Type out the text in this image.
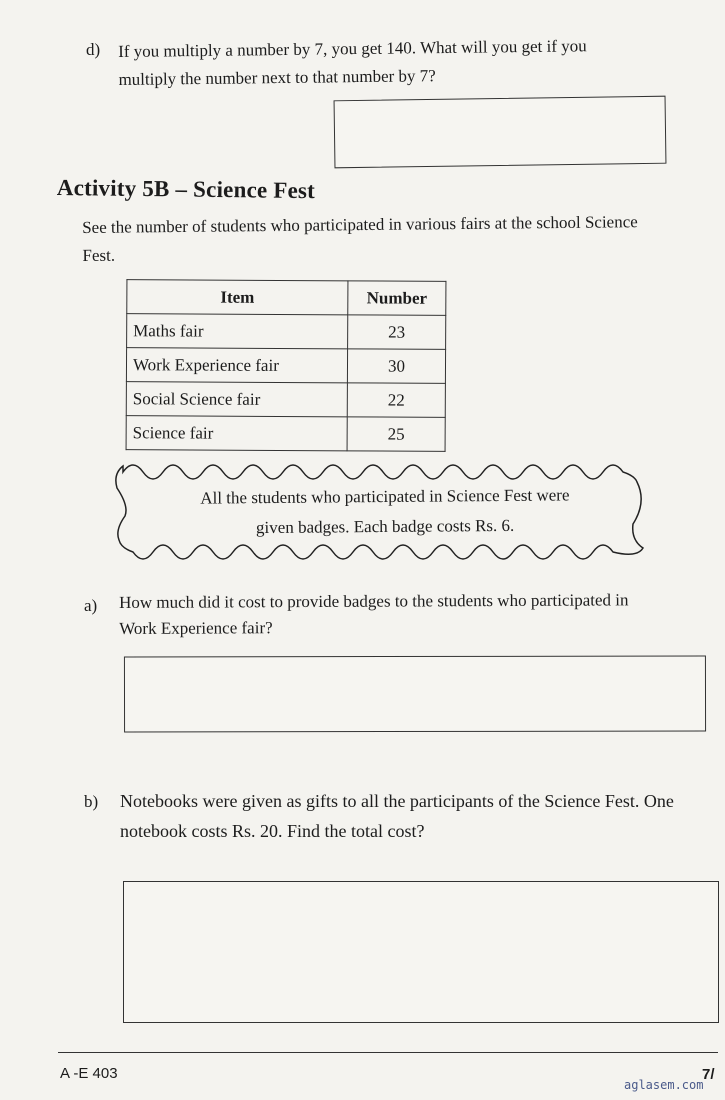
d) If you multiply a number by 7, you get 140. What will you get if you
multiply the number next to that number by 7?
Activity 5B – Science Fest
See the number of students who participated in various fairs at the school Science
Fest.
Item	Number
Maths fair	23
Work Experience fair	30
Social Science fair	22
Science fair	25
All the students who participated in Science Fest were
given badges. Each badge costs Rs. 6.
a) How much did it cost to provide badges to the students who participated in
Work Experience fair?
b) Notebooks were given as gifts to all the participants of the Science Fest. One
notebook costs Rs. 20. Find the total cost?
A -E 403	7/
aglasem.com
